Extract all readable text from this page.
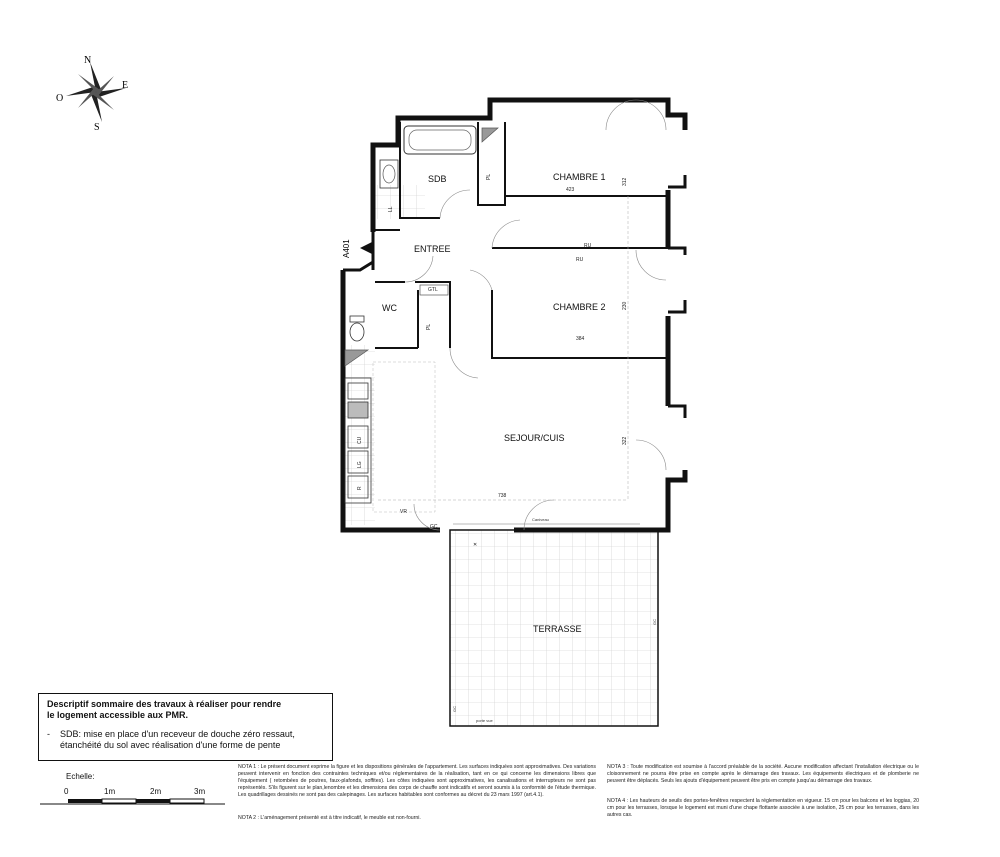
N
S
E
O
A401
TERRASSE
GC
GC
porte vue
Caniveau
✕
SDB
ENTREE
WC
CHAMBRE 1
CHAMBRE 2
SEJOUR/CUIS
LL
PL
PL
GTL
RU
RU
CU
LG
R
GC
VR
423
312
384
230
738
322
Descriptif sommaire des travaux à réaliser pour rendre
le logement accessible aux PMR.
- SDB: mise en place d'un receveur de douche zéro ressaut,
étanchéité du sol avec réalisation d'une forme de pente
Echelle:
0	1m	2m	3m
NOTA 1 : Le présent document exprime la figure et les dispositions générales de l'appartement. Les surfaces indiquées sont approximatives. Des variations peuvent intervenir en fonction des contraintes techniques et/ou réglementaires de la réalisation, tant en ce qui concerne les dimensions libres que l'équipement ( retombées de poutres, faux-plafonds, soffites). Les côtes indiquées sont approximatives, les canalisations et interrupteurs ne sont pas représentés. S'ils figurent sur le plan,lenombre et les dimensions des corps de chauffe sont indicatifs et seront soumis à la conformité de l'étude thermique. Les quadrillages dessinés ne sont pas des calepinages. Les surfaces habitables sont conformes au décret du 23 mars 1997 (art.4.1).
NOTA 2 : L'aménagement présenté est à titre indicatif, le meuble est non-fourni.
NOTA 3 : Toute modification est soumise à l'accord préalable de la société. Aucune modification affectant l'installation électrique ou le cloisonnement ne pourra être prise en compte après le démarrage des travaux. Les équipements électriques et de plomberie ne peuvent être déplacés. Seuls les ajouts d'équipement peuvent être pris en compte jusqu'au démarrage des travaux.
NOTA 4 : Les hauteurs de seuils des portes-fenêtres respectent la réglementation en vigueur. 15 cm pour les balcons et les loggias, 20 cm pour les terrasses, lorsque le logement est muni d'une chape flottante associée à une isolation, 25 cm pour les terrasses, dans les autres cas.
